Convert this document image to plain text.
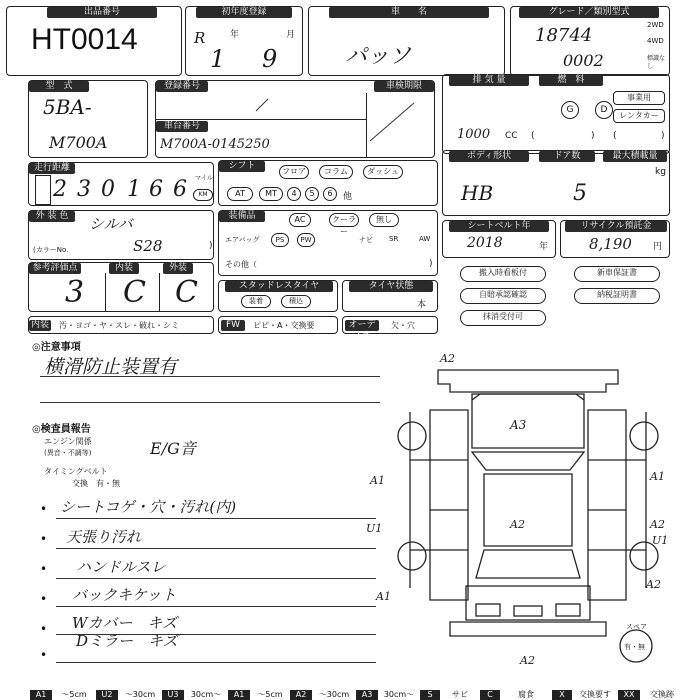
出品番号
HT0014
初年度登録
R	年	月
1 9
車　　名
パッソ
グレード／類別型式
18744
0002
2WD
4WD
標識なし
型　式
5BA-
M700A
登録番号	車検期限
車台番号
M700A-0145250
排 気 量	燃　料
G	D
事業用
レンタカー
1000 CC (	) (	)
走行距離
2 3 0 1 6 6 マイル
KM
シフト
フロア	コラム	ダッシュ
AT	MT	4	5	6	他
ボディ形状	ドア数	最大積載量
HB	5
kg
外 装 色	シルバ
(カラーNo.	S28	)
装備品	AC	クーラー
無し
エアバッグ	PS	PW	ナビ SR	AW
その他（	)
シートベルト年
2018	年
リサイクル預託金
8,190 円
搬入時看板付	新車保証書
自賠承認確認	納税証明書
抹消受付可
参考評価点	内装	外装
3 C C	スタッドレスタイヤ
装着	積込
タイヤ状態
本
内装 汚・ヨゴ・ヤ・スレ・破れ・シミ	FW	ピビ・A・交換要	オーディオ
欠・穴
◎注意事項
横滑防止装置有
◎検査員報告
エンジン関係
(異音・不調等)	E/G音
タイミングベルト
交換　有・無
• シートコゲ・穴・汚れ(内)
• 天張り汚れ
• ハンドルスレ
• バックキケット
• Wカバー　キズ
•
Dミラー　キズ
A2
A3
A1
U1
A1
A1
A2
U1
A2
A2
A2
スペア
有・無
A1	〜5cm	U2	〜30cm	U3	30cm〜	A1	〜5cm	A2	〜30cm	A3	30cm〜	S	サビ	C	腐食	X	交換要す	XX	交換跡
